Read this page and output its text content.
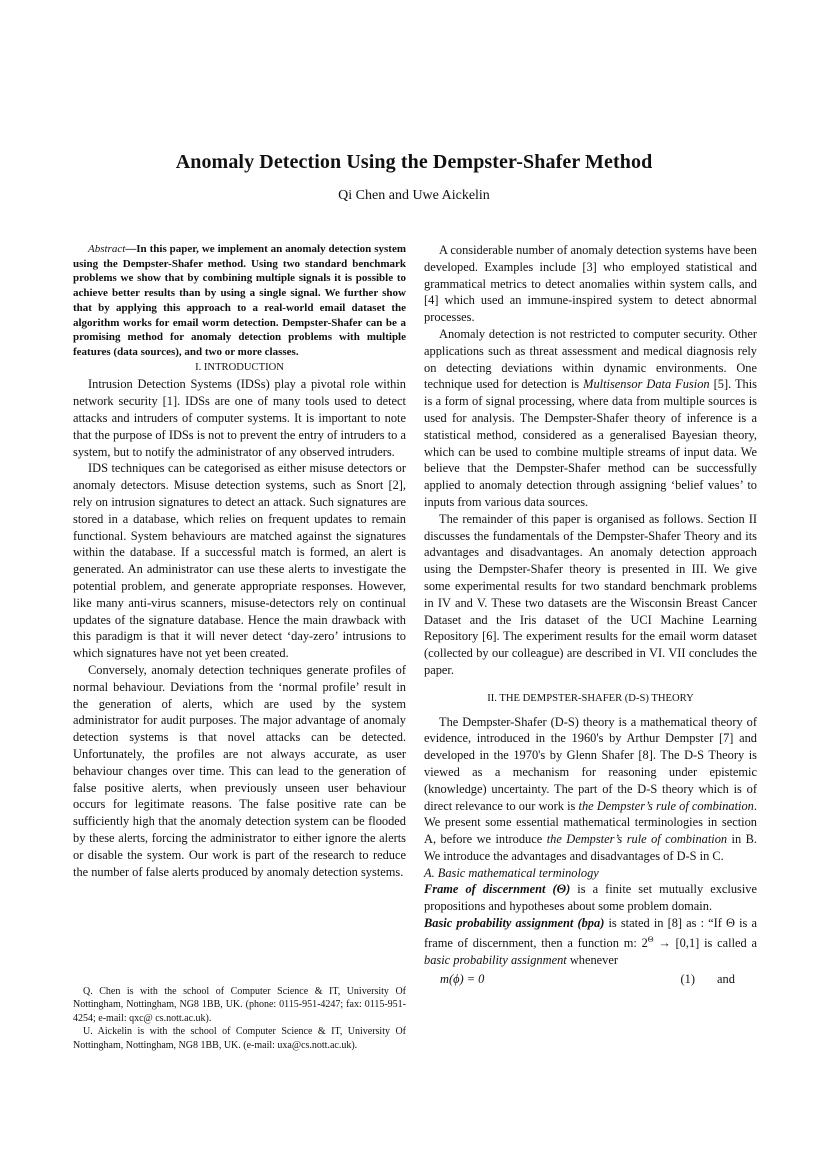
Anomaly Detection Using the Dempster-Shafer Method
Qi Chen and Uwe Aickelin

Abstract—In this paper, we implement an anomaly detection system using the Dempster-Shafer method. Using two standard benchmark problems we show that by combining multiple signals it is possible to achieve better results than by using a single signal. We further show that by applying this approach to a real-world email dataset the algorithm works for email worm detection. Dempster-Shafer can be a promising method for anomaly detection problems with multiple features (data sources), and two or more classes.

I. INTRODUCTION

Intrusion Detection Systems (IDSs) play a pivotal role within network security [1]. IDSs are one of many tools used to detect attacks and intruders of computer systems. It is important to note that the purpose of IDSs is not to prevent the entry of intruders to a system, but to notify the administrator of any observed intruders.

IDS techniques can be categorised as either misuse detectors or anomaly detectors. Misuse detection systems, such as Snort [2], rely on intrusion signatures to detect an attack. Such signatures are stored in a database, which relies on frequent updates to remain functional. System behaviours are matched against the signatures within the database. If a successful match is formed, an alert is generated. An administrator can use these alerts to investigate the potential problem, and generate appropriate responses. However, like many anti-virus scanners, misuse-detectors rely on continual updates of the signature database. Hence the main drawback with this paradigm is that it will never detect ‘day-zero’ intrusions to which signatures have not yet been created.

Conversely, anomaly detection techniques generate profiles of normal behaviour. Deviations from the ‘normal profile’ result in the generation of alerts, which are used by the system administrator for audit purposes. The major advantage of anomaly detection systems is that novel attacks can be detected. Unfortunately, the profiles are not always accurate, as user behaviour changes over time. This can lead to the generation of false positive alerts, when previously unseen user behaviour occurs for legitimate reasons. The false positive rate can be sufficiently high that the anomaly detection system can be flooded by these alerts, forcing the administrator to either ignore the alerts or disable the system. Our work is part of the research to reduce the number of false alerts produced by anomaly detection systems.

Q. Chen is with the school of Computer Science & IT, University Of Nottingham, Nottingham, NG8 1BB, UK. (phone: 0115-951-4247; fax: 0115-951-4254; e-mail: qxc@ cs.nott.ac.uk).

U. Aickelin is with the school of Computer Science & IT, University Of Nottingham, Nottingham, NG8 1BB, UK. (e-mail: uxa@cs.nott.ac.uk).

A considerable number of anomaly detection systems have been developed. Examples include [3] who employed statistical and grammatical metrics to detect anomalies within system calls, and [4] which used an immune-inspired system to detect abnormal processes.

Anomaly detection is not restricted to computer security. Other applications such as threat assessment and medical diagnosis rely on detecting deviations within dynamic environments. One technique used for detection is Multisensor Data Fusion [5]. This is a form of signal processing, where data from multiple sources is used for analysis. The Dempster-Shafer theory of inference is a statistical method, considered as a generalised Bayesian theory, which can be used to combine multiple streams of input data. We believe that the Dempster-Shafer method can be successfully applied to anomaly detection through assigning ‘belief values’ to inputs from various data sources.

The remainder of this paper is organised as follows. Section II discusses the fundamentals of the Dempster-Shafer Theory and its advantages and disadvantages. An anomaly detection approach using the Dempster-Shafer theory is presented in III. We give some experimental results for two standard benchmark problems in IV and V. These two datasets are the Wisconsin Breast Cancer Dataset and the Iris dataset of the UCI Machine Learning Repository [6]. The experiment results for the email worm dataset (collected by our colleague) are described in VI. VII concludes the paper.

II. THE DEMPSTER-SHAFER (D-S) THEORY

The Dempster-Shafer (D-S) theory is a mathematical theory of evidence, introduced in the 1960's by Arthur Dempster [7] and developed in the 1970's by Glenn Shafer [8]. The D-S Theory is viewed as a mechanism for reasoning under epistemic (knowledge) uncertainty. The part of the D-S theory which is of direct relevance to our work is the Dempster’s rule of combination. We present some essential mathematical terminologies in section A, before we introduce the Dempster’s rule of combination in B. We introduce the advantages and disadvantages of D-S in C.

A. Basic mathematical terminology

Frame of discernment (Θ) is a finite set mutually exclusive propositions and hypotheses about some problem domain.

Basic probability assignment (bpa) is stated in [8] as : “If Θ is a frame of discernment, then a function m: $2^\Theta \to [0,1]$ is called a basic probability assignment whenever

m(ϕ) = 0	(1)	and
